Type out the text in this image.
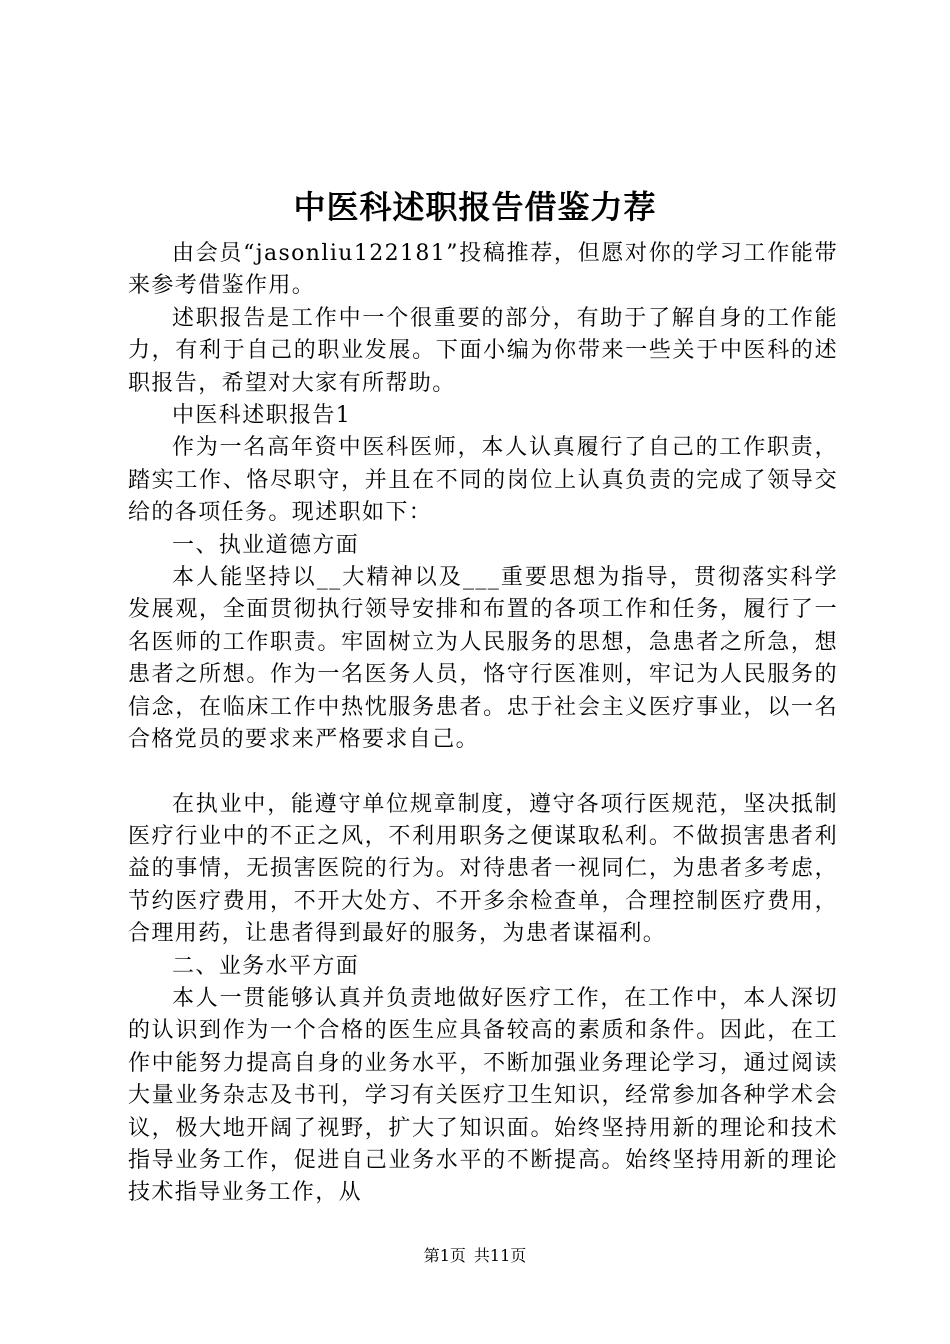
中医科述职报告借鉴力荐

由会员“jasonliu122181”投稿推荐，但愿对你的学习工作能带来参考借鉴作用。

述职报告是工作中一个很重要的部分，有助于了解自身的工作能力，有利于自己的职业发展。下面小编为你带来一些关于中医科的述职报告，希望对大家有所帮助。

中医科述职报告1

作为一名高年资中医科医师，本人认真履行了自己的工作职责，踏实工作、恪尽职守，并且在不同的岗位上认真负责的完成了领导交给的各项任务。现述职如下：

一、执业道德方面

本人能坚持以__大精神以及___重要思想为指导，贯彻落实科学发展观，全面贯彻执行领导安排和布置的各项工作和任务，履行了一名医师的工作职责。牢固树立为人民服务的思想，急患者之所急，想患者之所想。作为一名医务人员，恪守行医准则，牢记为人民服务的信念，在临床工作中热忱服务患者。忠于社会主义医疗事业，以一名合格党员的要求来严格要求自己。

在执业中，能遵守单位规章制度，遵守各项行医规范，坚决抵制医疗行业中的不正之风，不利用职务之便谋取私利。不做损害患者利益的事情，无损害医院的行为。对待患者一视同仁，为患者多考虑，节约医疗费用，不开大处方、不开多余检查单，合理控制医疗费用，合理用药，让患者得到最好的服务，为患者谋福利。

二、业务水平方面

本人一贯能够认真并负责地做好医疗工作，在工作中，本人深切的认识到作为一个合格的医生应具备较高的素质和条件。因此，在工作中能努力提高自身的业务水平，不断加强业务理论学习，通过阅读大量业务杂志及书刊，学习有关医疗卫生知识，经常参加各种学术会议，极大地开阔了视野，扩大了知识面。始终坚持用新的理论和技术指导业务工作，促进自己业务水平的不断提高。始终坚持用新的理论技术指导业务工作，从

第1页 共11页
